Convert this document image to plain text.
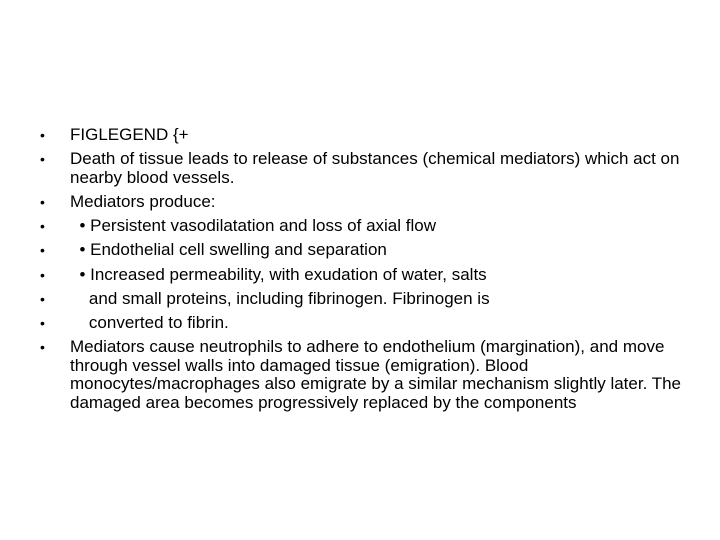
•	FIGLEGEND {+
•	Death of tissue leads to release of substances (chemical mediators) which act on nearby blood vessels.
•	Mediators produce:
•	• Persistent vasodilatation and loss of axial flow
•	• Endothelial cell swelling and separation
•	• Increased permeability, with exudation of water, salts
•	and small proteins, including fibrinogen. Fibrinogen is
•	converted to fibrin.
•	Mediators cause neutrophils to adhere to endothelium (margination), and move through vessel walls into damaged tissue (emigration). Blood monocytes/macrophages also emigrate by a similar mechanism slightly later. The damaged area becomes progressively replaced by the components
